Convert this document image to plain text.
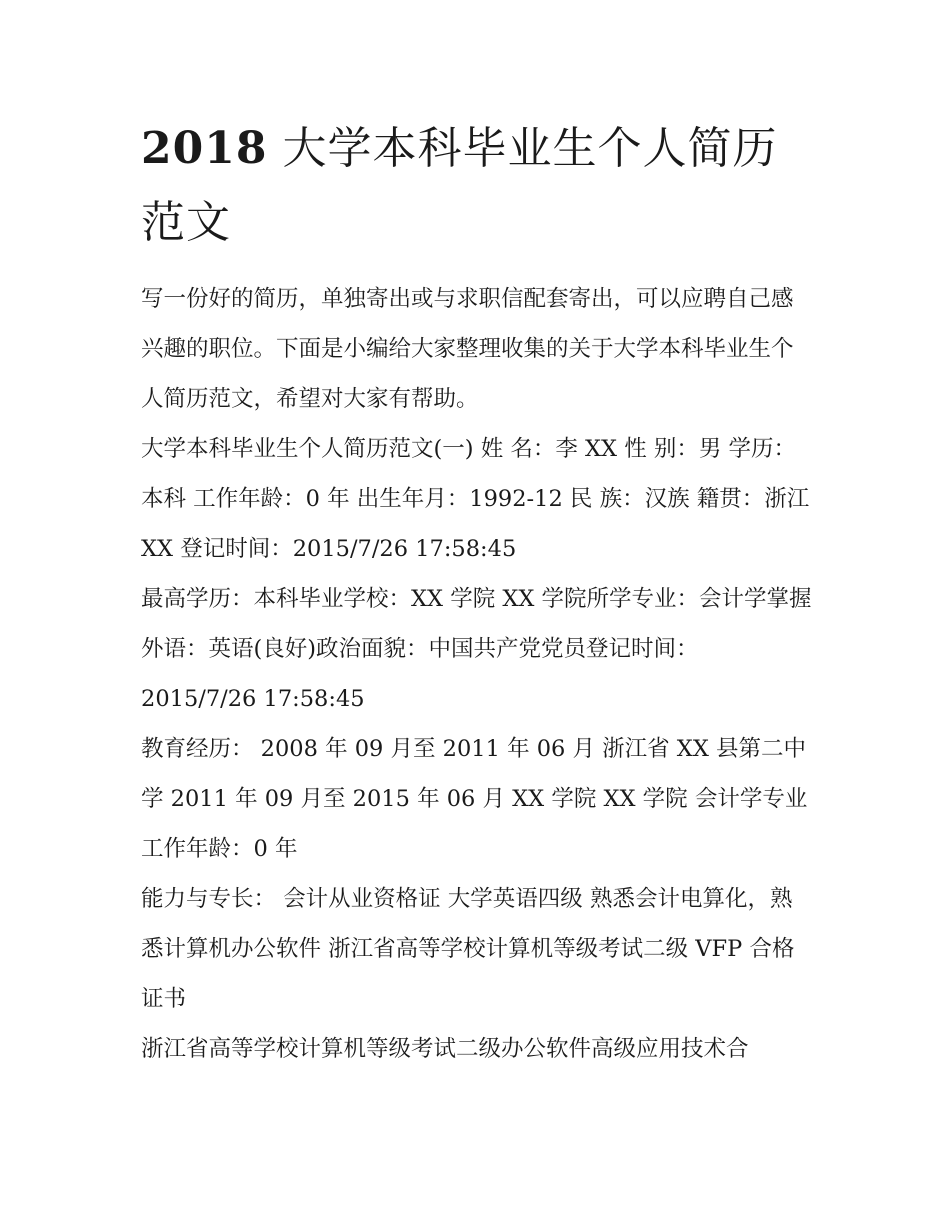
2018 大学本科毕业生个人简历范文

写一份好的简历，单独寄出或与求职信配套寄出，可以应聘自己感兴趣的职位。下面是小编给大家整理收集的关于大学本科毕业生个人简历范文，希望对大家有帮助。

大学本科毕业生个人简历范文(一) 姓 名：李 XX 性 别：男 学历：本科 工作年龄：0 年 出生年月：1992-12 民 族：汉族 籍贯：浙江 XX 登记时间：2015/7/26 17:58:45

最高学历：本科毕业学校：XX 学院 XX 学院所学专业：会计学掌握外语：英语(良好)政治面貌：中国共产党党员登记时间：2015/7/26 17:58:45

教育经历： 2008 年 09 月至 2011 年 06 月 浙江省 XX 县第二中学 2011 年 09 月至 2015 年 06 月 XX 学院 XX 学院 会计学专业 工作年龄：0 年

能力与专长： 会计从业资格证 大学英语四级 熟悉会计电算化，熟悉计算机办公软件 浙江省高等学校计算机等级考试二级 VFP 合格证书

浙江省高等学校计算机等级考试二级办公软件高级应用技术合
